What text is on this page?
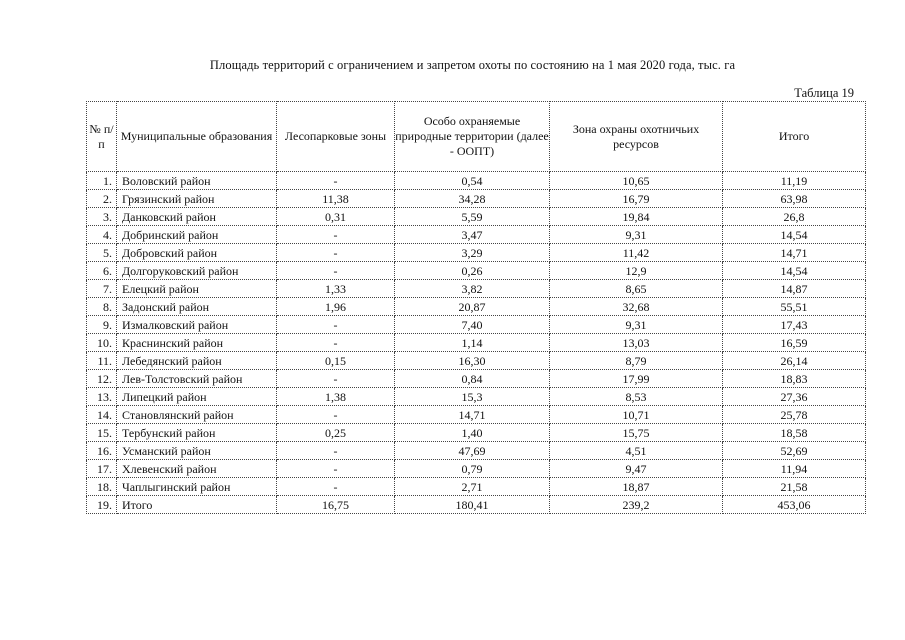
Площадь территорий с ограничением и запретом охоты по состоянию на 1 мая 2020 года, тыс. га
Таблица 19
№ п/п	Муниципальные образования	Лесопарковые зоны	Особо охраняемые природные территории (далее - ООПТ)	Зона охраны охотничьих ресурсов	Итого
1.	Воловский район	-	0,54	10,65	11,19
2.	Грязинский район	11,38	34,28	16,79	63,98
3.	Данковский район	0,31	5,59	19,84	26,8
4.	Добринский район	-	3,47	9,31	14,54
5.	Добровский район	-	3,29	11,42	14,71
6.	Долгоруковский район	-	0,26	12,9	14,54
7.	Елецкий район	1,33	3,82	8,65	14,87
8.	Задонский район	1,96	20,87	32,68	55,51
9.	Измалковский район	-	7,40	9,31	17,43
10.	Краснинский район	-	1,14	13,03	16,59
11.	Лебедянский район	0,15	16,30	8,79	26,14
12.	Лев-Толстовский район	-	0,84	17,99	18,83
13.	Липецкий район	1,38	15,3	8,53	27,36
14.	Становлянский район	-	14,71	10,71	25,78
15.	Тербунский район	0,25	1,40	15,75	18,58
16.	Усманский район	-	47,69	4,51	52,69
17.	Хлевенский район	-	0,79	9,47	11,94
18.	Чаплыгинский район	-	2,71	18,87	21,58
19.	Итого	16,75	180,41	239,2	453,06
